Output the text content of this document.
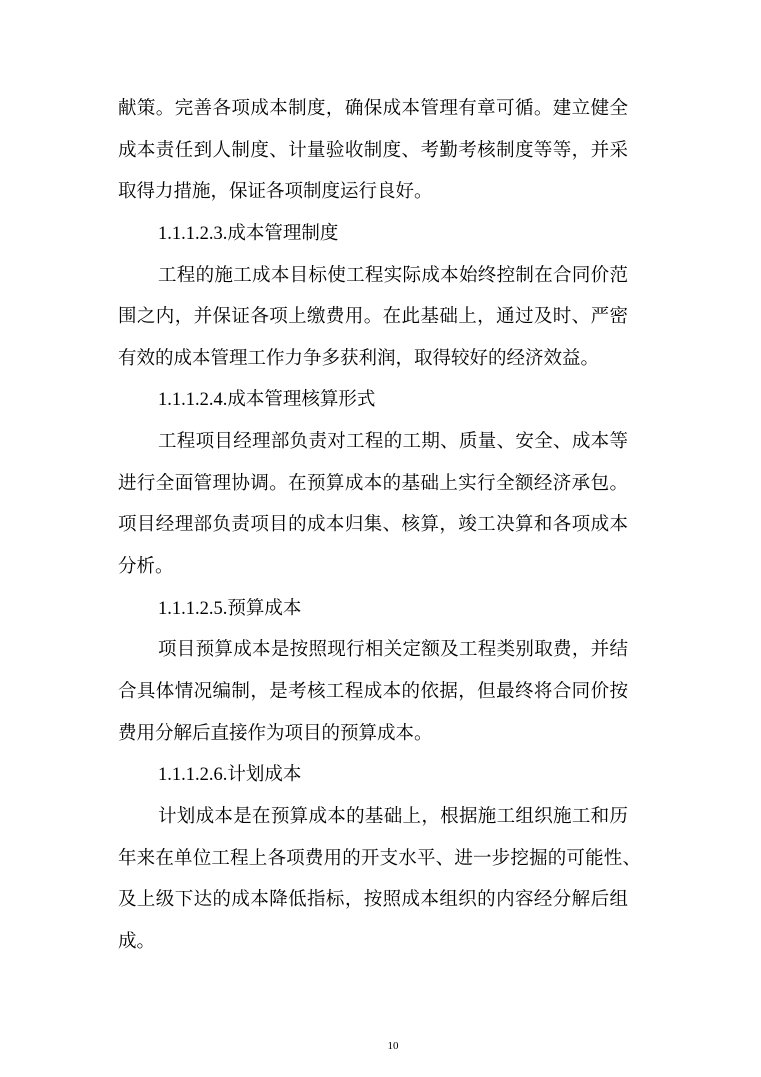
献策。完善各项成本制度，确保成本管理有章可循。建立健全
成本责任到人制度、计量验收制度、考勤考核制度等等，并采
取得力措施，保证各项制度运行良好。
1.1.1.2.3.成本管理制度
工程的施工成本目标使工程实际成本始终控制在合同价范
围之内，并保证各项上缴费用。在此基础上，通过及时、严密
有效的成本管理工作力争多获利润，取得较好的经济效益。
1.1.1.2.4.成本管理核算形式
工程项目经理部负责对工程的工期、质量、安全、成本等
进行全面管理协调。在预算成本的基础上实行全额经济承包。
项目经理部负责项目的成本归集、核算，竣工决算和各项成本
分析。
1.1.1.2.5.预算成本
项目预算成本是按照现行相关定额及工程类别取费，并结
合具体情况编制，是考核工程成本的依据，但最终将合同价按
费用分解后直接作为项目的预算成本。
1.1.1.2.6.计划成本
计划成本是在预算成本的基础上，根据施工组织施工和历
年来在单位工程上各项费用的开支水平、进一步挖掘的可能性、
及上级下达的成本降低指标，按照成本组织的内容经分解后组
成。
10
